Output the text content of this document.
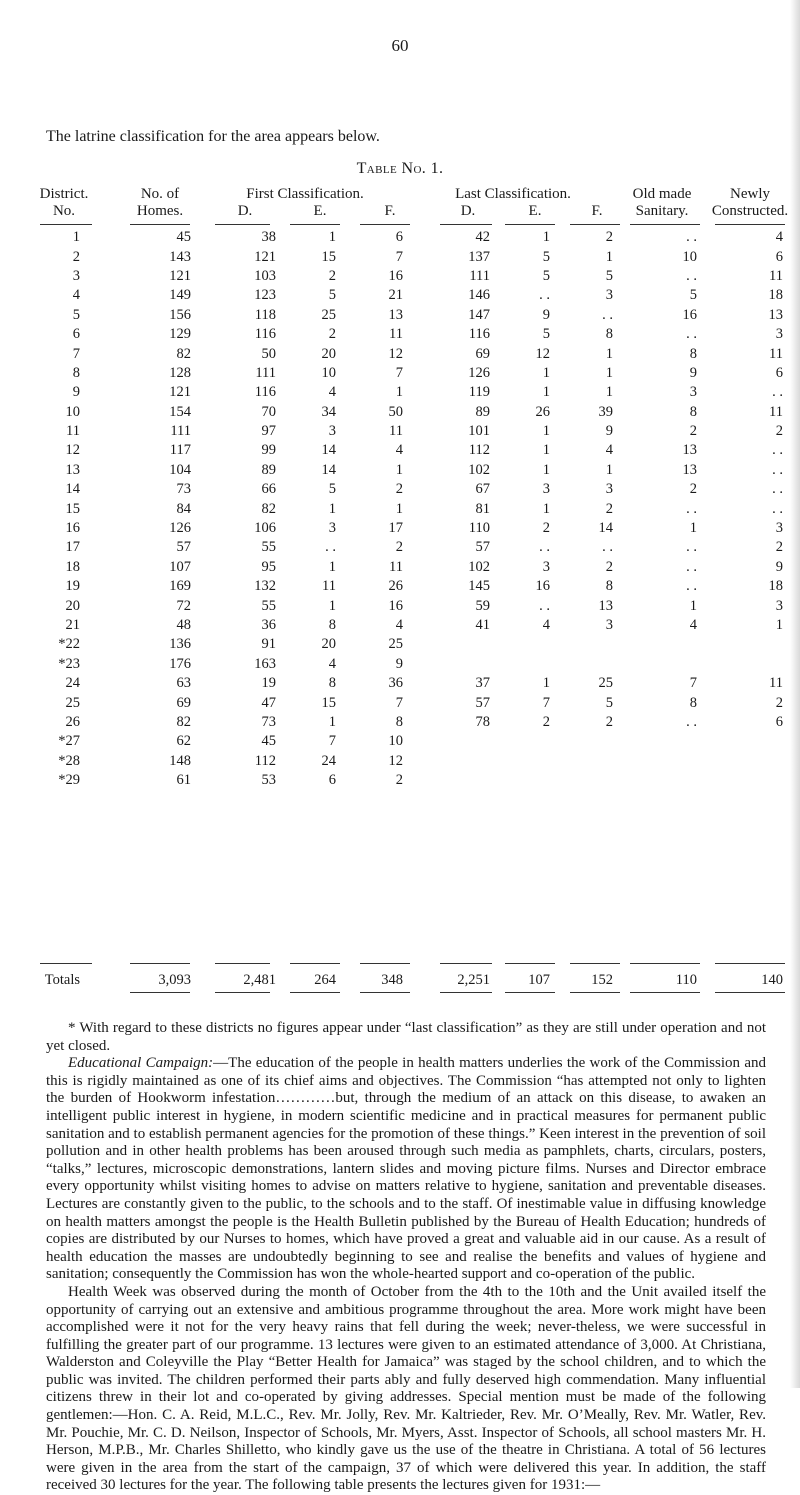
60
The latrine classification for the area appears below.
Table No. 1.
District.
No.
No. of
Homes.
First Classification.
D.	E.	F.
Last Classification.
D.	E.	F.
Old made
Sanitary.
Newly
Constructed.
1	45	38	1	6	42	1	2	. .	4
2	143	121	15	7	137	5	1	10	6
3	121	103	2	16	111	5	5	. .	11
4	149	123	5	21	146	. .	3	5	18
5	156	118	25	13	147	9	. .	16	13
6	129	116	2	11	116	5	8	. .	3
7	82	50	20	12	69	12	1	8	11
8	128	111	10	7	126	1	1	9	6
9	121	116	4	1	119	1	1	3	. .
10	154	70	34	50	89	26	39	8	11
11	111	97	3	11	101	1	9	2	2
12	117	99	14	4	112	1	4	13	. .
13	104	89	14	1	102	1	1	13	. .
14	73	66	5	2	67	3	3	2	. .
15	84	82	1	1	81	1	2	. .	. .
16	126	106	3	17	110	2	14	1	3
17	57	55	. .	2	57	. .	. .	. .	2
18	107	95	1	11	102	3	2	. .	9
19	169	132	11	26	145	16	8	. .	18
20	72	55	1	16	59	. .	13	1	3
21	48	36	8	4	41	4	3	4	1
*22	136	91	20	25					
*23	176	163	4	9					
24	63	19	8	36	37	1	25	7	11
25	69	47	15	7	57	7	5	8	2
26	82	73	1	8	78	2	2	. .	6
*27	62	45	7	10					
*28	148	112	24	12					
*29	61	53	6	2					
Totals	3,093	2,481	264	348	2,251	107	152	110	140

* With regard to these districts no figures appear under “last classification” as they are still under operation and not yet closed.

Educational Campaign:—The education of the people in health matters underlies the work of the Commission and this is rigidly maintained as one of its chief aims and objectives. The Commission “has attempted not only to lighten the burden of Hookworm infestation…………but, through the medium of an attack on this disease, to awaken an intelligent public interest in hygiene, in modern scientific medicine and in practical measures for permanent public sanitation and to establish permanent agencies for the promotion of these things.” Keen interest in the prevention of soil pollution and in other health problems has been aroused through such media as pamphlets, charts, circulars, posters, “talks,” lectures, microscopic demonstrations, lantern slides and moving picture films. Nurses and Director embrace every opportunity whilst visiting homes to advise on matters relative to hygiene, sanitation and preventable diseases. Lectures are constantly given to the public, to the schools and to the staff. Of inestimable value in diffusing knowledge on health matters amongst the people is the Health Bulletin published by the Bureau of Health Education; hundreds of copies are distributed by our Nurses to homes, which have proved a great and valuable aid in our cause. As a result of health education the masses are undoubtedly beginning to see and realise the benefits and values of hygiene and sanitation; consequently the Commission has won the whole-hearted support and co-operation of the public.

Health Week was observed during the month of October from the 4th to the 10th and the Unit availed itself the opportunity of carrying out an extensive and ambitious programme throughout the area. More work might have been accomplished were it not for the very heavy rains that fell during the week; never-theless, we were successful in fulfilling the greater part of our programme. 13 lectures were given to an estimated attendance of 3,000. At Christiana, Walderston and Coleyville the Play “Better Health for Jamaica” was staged by the school children, and to which the public was invited. The children performed their parts ably and fully deserved high commendation. Many influential citizens threw in their lot and co-operated by giving addresses. Special mention must be made of the following gentlemen:—Hon. C. A. Reid, M.L.C., Rev. Mr. Jolly, Rev. Mr. Kaltrieder, Rev. Mr. O’Meally, Rev. Mr. Watler, Rev. Mr. Pouchie, Mr. C. D. Neilson, Inspector of Schools, Mr. Myers, Asst. Inspector of Schools, all school masters Mr. H. Herson, M.P.B., Mr. Charles Shilletto, who kindly gave us the use of the theatre in Christiana. A total of 56 lectures were given in the area from the start of the campaign, 37 of which were delivered this year. In addition, the staff received 30 lectures for the year. The following table presents the lectures given for 1931:—
